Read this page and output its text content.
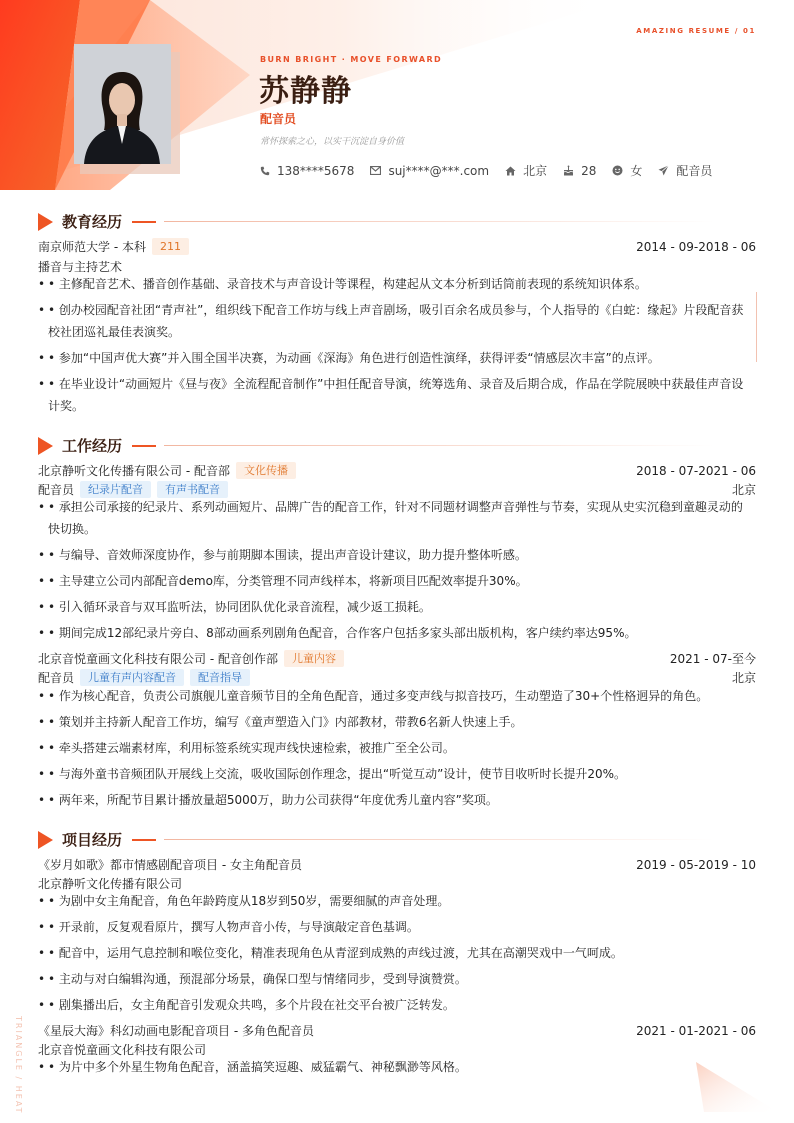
AMAZING RESUME / 01
BURN BRIGHT · MOVE FORWARD
苏静静
配音员
常怀探索之心，以实干沉淀自身价值
138****5678	suj****@***.com	北京	28	女	配音员
教育经历
南京师范大学 - 本科	211	2014 - 09-2018 - 06
播音与主持艺术
• • 主修配音艺术、播音创作基础、录音技术与声音设计等课程，构建起从文本分析到话筒前表现的系统知识体系。
• • 创办校园配音社团“青声社”，组织线下配音工作坊与线上声音剧场，吸引百余名成员参与，个人指导的《白蛇：缘起》片段配音获校社团巡礼最佳表演奖。
• • 参加“中国声优大赛”并入围全国半决赛，为动画《深海》角色进行创造性演绎，获得评委“情感层次丰富”的点评。
• • 在毕业设计“动画短片《昼与夜》全流程配音制作”中担任配音导演，统筹选角、录音及后期合成，作品在学院展映中获最佳声音设计奖。
工作经历
北京静听文化传播有限公司 - 配音部	文化传播	2018 - 07-2021 - 06
配音员	纪录片配音	有声书配音	北京
• • 承担公司承接的纪录片、系列动画短片、品牌广告的配音工作，针对不同题材调整声音弹性与节奏，实现从史实沉稳到童趣灵动的快切换。
• • 与编导、音效师深度协作，参与前期脚本围读，提出声音设计建议，助力提升整体听感。
• • 主导建立公司内部配音demo库，分类管理不同声线样本，将新项目匹配效率提升30%。
• • 引入循环录音与双耳监听法，协同团队优化录音流程，减少返工损耗。
• • 期间完成12部纪录片旁白、8部动画系列剧角色配音，合作客户包括多家头部出版机构，客户续约率达95%。
北京音悦童画文化科技有限公司 - 配音创作部	儿童内容	2021 - 07-至今
配音员	儿童有声内容配音	配音指导	北京
• • 作为核心配音，负责公司旗舰儿童音频节目的全角色配音，通过多变声线与拟音技巧，生动塑造了30+个性格迥异的角色。
• • 策划并主持新人配音工作坊，编写《童声塑造入门》内部教材，带教6名新人快速上手。
• • 牵头搭建云端素材库，利用标签系统实现声线快速检索，被推广至全公司。
• • 与海外童书音频团队开展线上交流，吸收国际创作理念，提出“听觉互动”设计，使节目收听时长提升20%。
• • 两年来，所配节目累计播放量超5000万，助力公司获得“年度优秀儿童内容”奖项。
项目经历
《岁月如歌》都市情感剧配音项目 - 女主角配音员	2019 - 05-2019 - 10
北京静听文化传播有限公司
• • 为剧中女主角配音，角色年龄跨度从18岁到50岁，需要细腻的声音处理。
• • 开录前，反复观看原片，撰写人物声音小传，与导演敲定音色基调。
• • 配音中，运用气息控制和喉位变化，精准表现角色从青涩到成熟的声线过渡，尤其在高潮哭戏中一气呵成。
• • 主动与对白编辑沟通，预混部分场景，确保口型与情绪同步，受到导演赞赏。
• • 剧集播出后，女主角配音引发观众共鸣，多个片段在社交平台被广泛转发。
《星辰大海》科幻动画电影配音项目 - 多角色配音员	2021 - 01-2021 - 06
北京音悦童画文化科技有限公司
• • 为片中多个外星生物角色配音，涵盖搞笑逗趣、威猛霸气、神秘飘渺等风格。
TRIANGLE / HEAT
